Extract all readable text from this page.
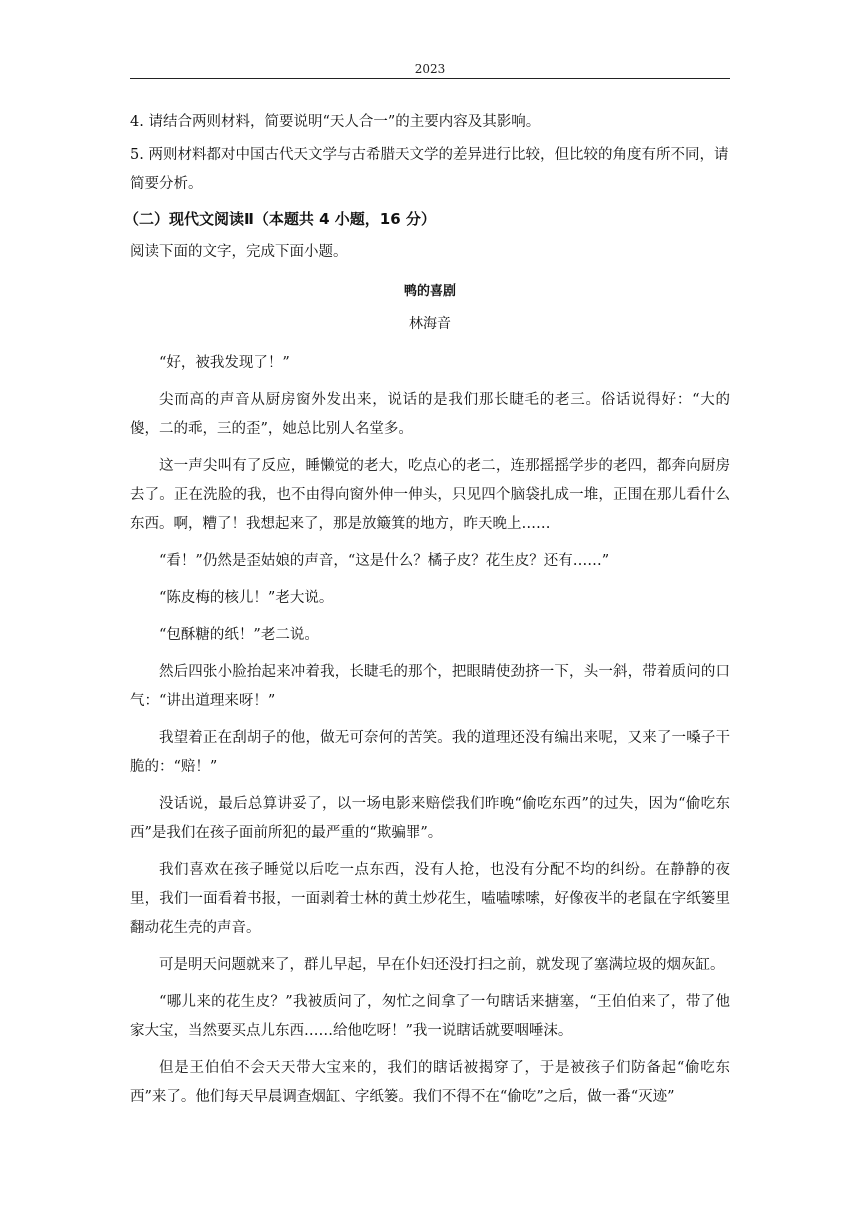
2023

4. 请结合两则材料，简要说明“天人合一”的主要内容及其影响。

5. 两则材料都对中国古代天文学与古希腊天文学的差异进行比较，但比较的角度有所不同，请简要分析。

（二）现代文阅读Ⅱ（本题共 4 小题，16 分）

阅读下面的文字，完成下面小题。

鸭的喜剧
林海音

“好，被我发现了！”

尖而高的声音从厨房窗外发出来，说话的是我们那长睫毛的老三。俗话说得好：“大的傻，二的乖，三的歪”，她总比别人名堂多。

这一声尖叫有了反应，睡懒觉的老大，吃点心的老二，连那摇摇学步的老四，都奔向厨房去了。正在洗脸的我，也不由得向窗外伸一伸头，只见四个脑袋扎成一堆，正围在那儿看什么东西。啊，糟了！我想起来了，那是放簸箕的地方，昨天晚上……

“看！”仍然是歪姑娘的声音，“这是什么？橘子皮？花生皮？还有……”

“陈皮梅的核儿！”老大说。

“包酥糖的纸！”老二说。

然后四张小脸抬起来冲着我，长睫毛的那个，把眼睛使劲挤一下，头一斜，带着质问的口气：“讲出道理来呀！”

我望着正在刮胡子的他，做无可奈何的苦笑。我的道理还没有编出来呢，又来了一嗓子干脆的：“赔！”

没话说，最后总算讲妥了，以一场电影来赔偿我们昨晚“偷吃东西”的过失，因为“偷吃东西”是我们在孩子面前所犯的最严重的“欺骗罪”。

我们喜欢在孩子睡觉以后吃一点东西，没有人抢，也没有分配不均的纠纷。在静静的夜里，我们一面看着书报，一面剥着士林的黄土炒花生，嗑嗑嗦嗦，好像夜半的老鼠在字纸篓里翻动花生壳的声音。

可是明天问题就来了，群儿早起，早在仆妇还没打扫之前，就发现了塞满垃圾的烟灰缸。

“哪儿来的花生皮？”我被质问了，匆忙之间拿了一句瞎话来搪塞，“王伯伯来了，带了他家大宝，当然要买点儿东西……给他吃呀！”我一说瞎话就要咽唾沫。

但是王伯伯不会天天带大宝来的，我们的瞎话被揭穿了，于是被孩子们防备起“偷吃东西”来了。他们每天早晨调查烟缸、字纸篓。我们不得不在“偷吃”之后，做一番“灭迹”
